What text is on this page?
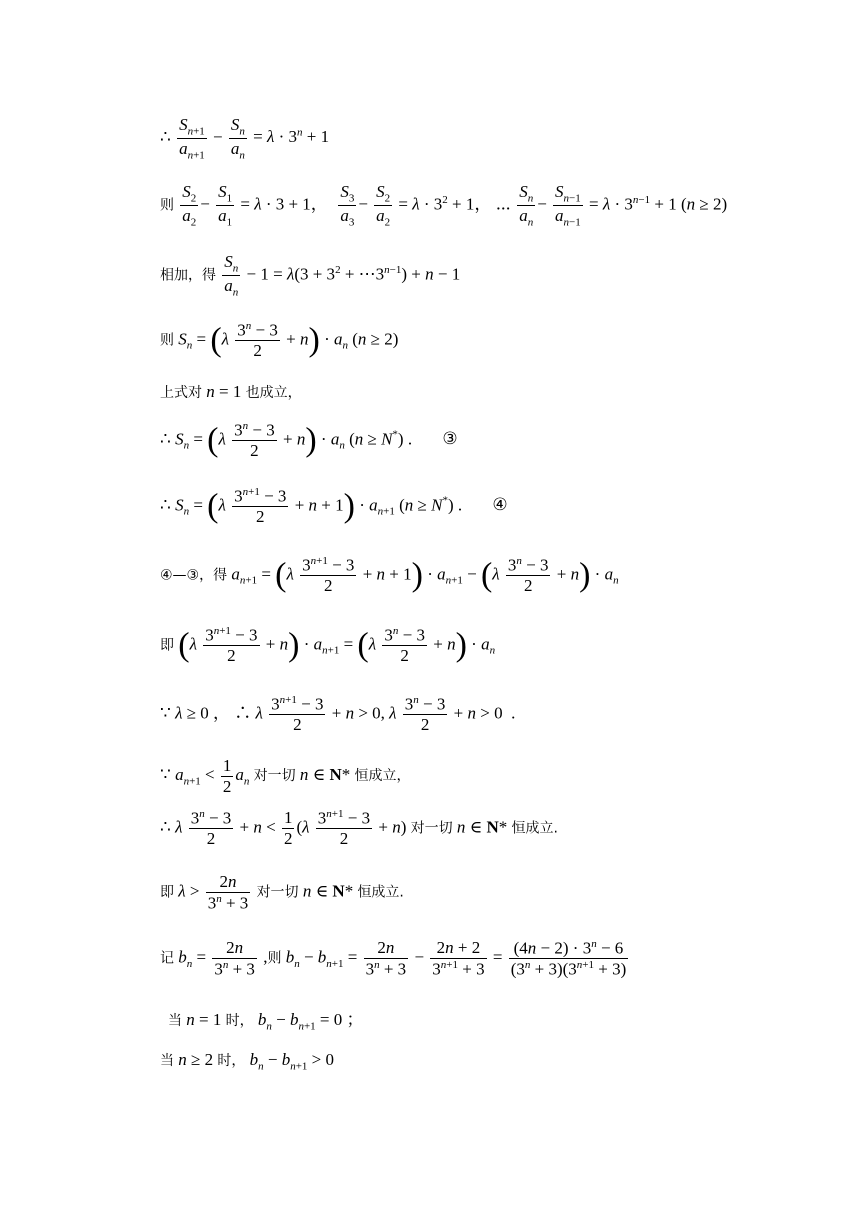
∴ $\frac{S_{n+1}}{a_{n+1}} - \frac{S_n}{a_n} = \lambda \cdot 3^n + 1$
则 $\frac{S_2}{a_2} - \frac{S_1}{a_1} = \lambda \cdot 3 + 1$， $\frac{S_3}{a_3} - \frac{S_2}{a_2} = \lambda \cdot 3^2 + 1$， ⋯ $\frac{S_n}{a_n} - \frac{S_{n-1}}{a_{n-1}} = \lambda \cdot 3^{n-1} + 1$ (n ≥ 2)
相加，得 $\frac{S_n}{a_n} - 1 = \lambda(3 + 3^2$ + $\cdots 3^{n-1}) + n - 1$
则 $S_n = (\lambda \frac{3^n - 3}{2} + n) \cdot a_n$ (n ≥ 2)
上式对 n = 1 也成立，
∴ $S_n = (\lambda \frac{3^n - 3}{2} + n) \cdot a_n$ (n ≥ N*) . ③
∴ $S_n = (\lambda \frac{3^{n+1} - 3}{2} + n + 1) \cdot a_{n+1}$ (n ≥ N*) . ④
④—③，得 $a_{n+1} = (\lambda \frac{3^{n+1} - 3}{2} + n + 1) \cdot a_{n+1} - (\lambda \frac{3^n - 3}{2} + n) \cdot a_n$
即 $(\lambda \frac{3^{n+1} - 3}{2} + n) \cdot a_{n+1} = (\lambda \frac{3^n - 3}{2} + n) \cdot a_n$
∵ λ ≥ 0 ， ∴ λ $\frac{3^{n+1} - 3}{2} + n > 0$, λ $\frac{3^n - 3}{2} + n > 0$  .
∵ $a_{n+1} < \frac{1}{2} a_n$ 对一切 n ∈ N* 恒成立，
∴ λ $\frac{3^n - 3}{2} + n < \frac{1}{2} (\lambda \frac{3^{n+1} - 3}{2} + n)$ 对一切 n ∈ N* 恒成立.
即 $\lambda > \frac{2n}{3^n + 3}$ 对一切 n ∈ N* 恒成立.
记 $b_n = \frac{2n}{3^n + 3}$ ,则 $b_n - b_{n+1} = \frac{2n}{3^n + 3} - \frac{2n + 2}{3^{n+1} + 3} = \frac{(4n - 2) \cdot 3^n - 6}{(3^n + 3)(3^{n+1} + 3)}$
当 n = 1 时， $b_n - b_{n+1} = 0$ ；
当 n ≥ 2 时， $b_n - b_{n+1} > 0$
